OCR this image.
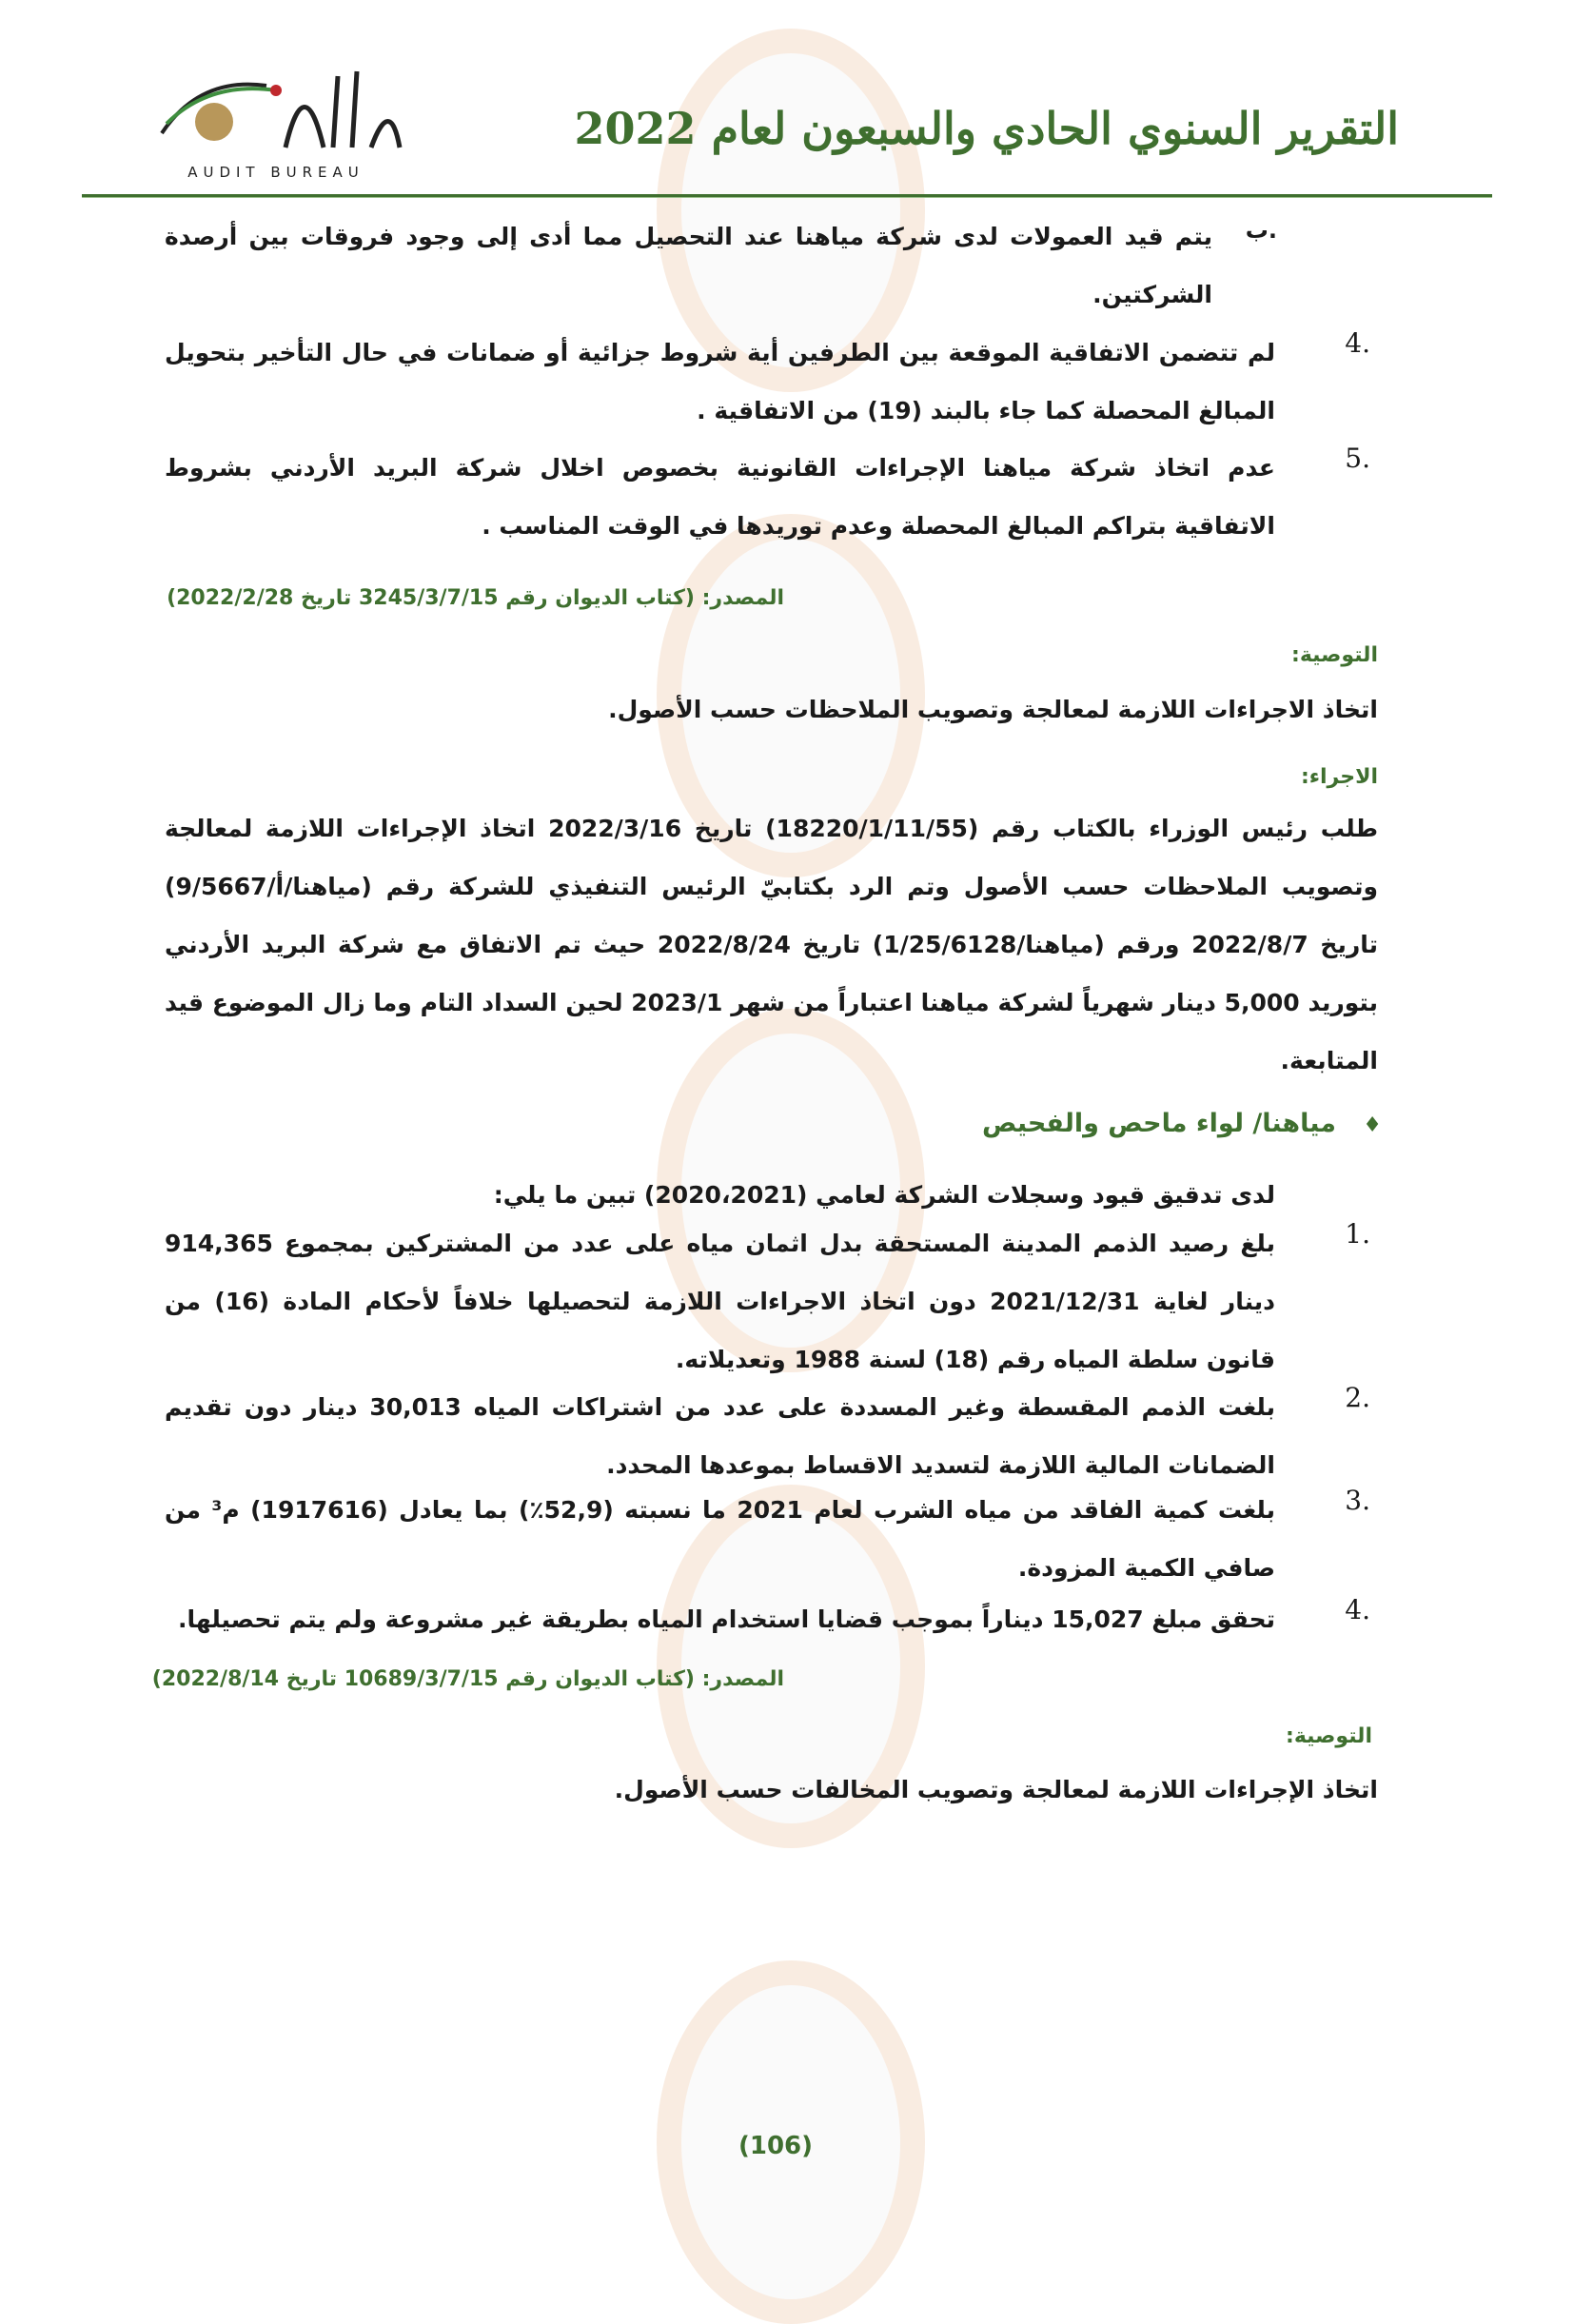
AUDIT BUREAU
التقرير السنوي الحادي والسبعون لعام 2022
ب.
يتم قيد العمولات لدى شركة مياهنا عند التحصيل مما أدى إلى وجود فروقات بين أرصدة الشركتين.
4.
لم تتضمن الاتفاقية الموقعة بين الطرفين أية شروط جزائية أو ضمانات في حال التأخير بتحويل المبالغ المحصلة كما جاء بالبند (19) من الاتفاقية .
5.
عدم اتخاذ شركة مياهنا الإجراءات القانونية بخصوص اخلال شركة البريد الأردني بشروط الاتفاقية بتراكم المبالغ المحصلة وعدم توريدها في الوقت المناسب .
المصدر: (كتاب الديوان رقم 3245/3/7/15 تاريخ 2022/2/28)
التوصية:
اتخاذ الاجراءات اللازمة لمعالجة وتصويب الملاحظات حسب الأصول.
الاجراء:
طلب رئيس الوزراء بالكتاب رقم (18220/1/11/55) تاريخ 2022/3/16 اتخاذ الإجراءات اللازمة لمعالجة وتصويب الملاحظات حسب الأصول وتم الرد بكتابيّ الرئيس التنفيذي للشركة رقم (مياهنا/أ/9/5667) تاريخ 2022/8/7 ورقم (مياهنا/1/25/6128) تاريخ 2022/8/24 حيث تم الاتفاق مع شركة البريد الأردني بتوريد 5,000 دينار شهرياً لشركة مياهنا اعتباراً من شهر 2023/1 لحين السداد التام وما زال الموضوع قيد المتابعة.
♦
مياهنا/ لواء ماحص والفحيص
لدى تدقيق قيود وسجلات الشركة لعامي (2020،2021) تبين ما يلي:
1.
بلغ رصيد الذمم المدينة المستحقة بدل اثمان مياه على عدد من المشتركين بمجموع 914,365 دينار لغاية 2021/12/31 دون اتخاذ الاجراءات اللازمة لتحصيلها خلافاً لأحكام المادة (16) من قانون سلطة المياه رقم (18) لسنة 1988 وتعديلاته.
2.
بلغت الذمم المقسطة وغير المسددة على عدد من اشتراكات المياه 30,013 دينار دون تقديم الضمانات المالية اللازمة لتسديد الاقساط بموعدها المحدد.
3.
بلغت كمية الفاقد من مياه الشرب لعام 2021 ما نسبته (52,9٪) بما يعادل (1917616) م³ من صافي الكمية المزودة.
4.
تحقق مبلغ 15,027 ديناراً بموجب قضايا استخدام المياه بطريقة غير مشروعة ولم يتم تحصيلها.
المصدر: (كتاب الديوان رقم 10689/3/7/15 تاريخ 2022/8/14)
التوصية:
اتخاذ الإجراءات اللازمة لمعالجة وتصويب المخالفات حسب الأصول.
(106)
